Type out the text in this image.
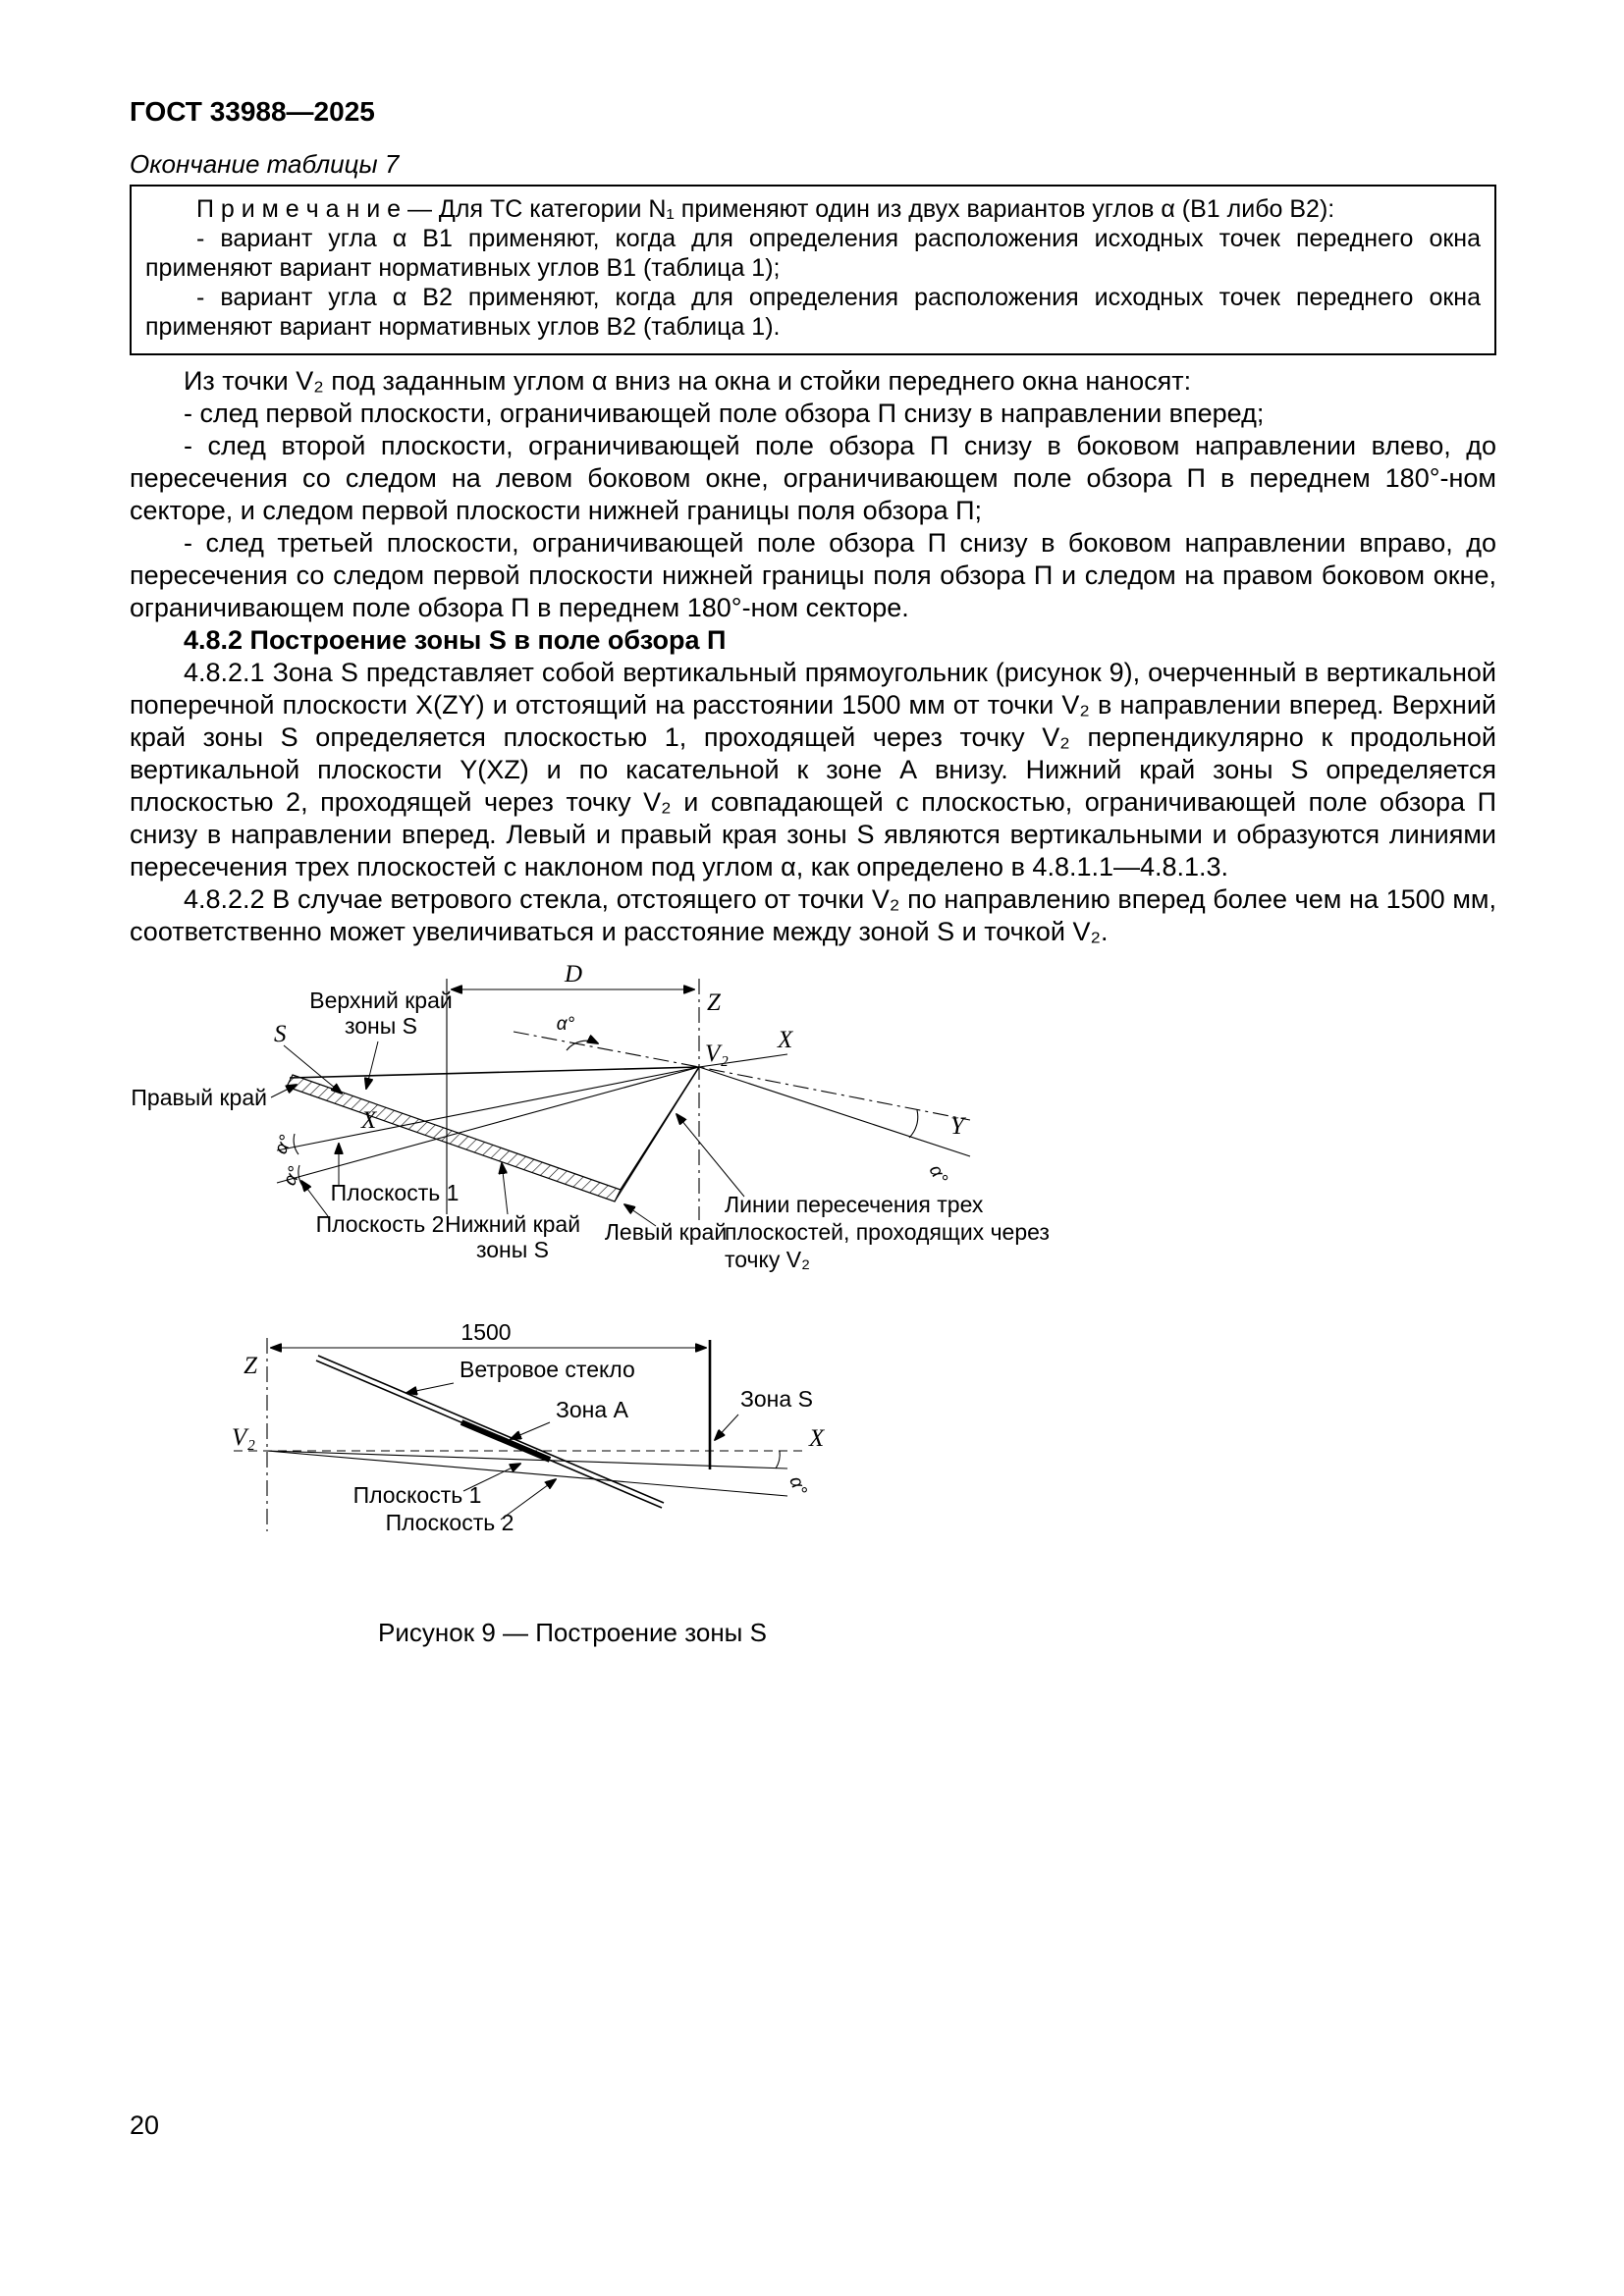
ГОСТ 33988—2025
Окончание таблицы 7

П р и м е ч а н и е — Для ТС категории N₁ применяют один из двух вариантов углов α (В1 либо В2):

- вариант угла α В1 применяют, когда для определения расположения исходных точек переднего окна применяют вариант нормативных углов В1 (таблица 1);

- вариант угла α В2 применяют, когда для определения расположения исходных точек переднего окна применяют вариант нормативных углов В2 (таблица 1).

Из точки V₂ под заданным углом α вниз на окна и стойки переднего окна наносят:

- след первой плоскости, ограничивающей поле обзора П снизу в направлении вперед;

- след второй плоскости, ограничивающей поле обзора П снизу в боковом направлении влево, до пересечения со следом на левом боковом окне, ограничивающем поле обзора П в переднем 180°-ном секторе, и следом первой плоскости нижней границы поля обзора П;

- след третьей плоскости, ограничивающей поле обзора П снизу в боковом направлении вправо, до пересечения со следом первой плоскости нижней границы поля обзора П и следом на правом боковом окне, ограничивающем поле обзора П в переднем 180°-ном секторе.

4.8.2 Построение зоны S в поле обзора П

4.8.2.1 Зона S представляет собой вертикальный прямоугольник (рисунок 9), очерченный в вертикальной поперечной плоскости X(ZY) и отстоящий на расстоянии 1500 мм от точки V₂ в направлении вперед. Верхний край зоны S определяется плоскостью 1, проходящей через точку V₂ перпендикулярно к продольной вертикальной плоскости Y(XZ) и по касательной к зоне А внизу. Нижний край зоны S определяется плоскостью 2, проходящей через точку V₂ и совпадающей с плоскостью, ограничивающей поле обзора П снизу в направлении вперед. Левый и правый края зоны S являются вертикальными и образуются линиями пересечения трех плоскостей с наклоном под углом α, как определено в 4.8.1.1—4.8.1.3.

4.8.2.2 В случае ветрового стекла, отстоящего от точки V₂ по направлению вперед более чем на 1500 мм, соответственно может увеличиваться и расстояние между зоной S и точкой V₂.

D
α°
Z
V₂
X
Y
S
Верхний край
зоны S
Правый край
X
α°
α°
Плоскость 1
Плоскость 2 Нижний край
зоны S
Левый край
Линии пересечения трех
плоскостей, проходящих через
точку V₂
α°
1500
Z	Ветровое стекло
Зона А	Зона S
V₂	X
α°
Плоскость 1
Плоскость 2
Рисунок 9 — Построение зоны S
20
